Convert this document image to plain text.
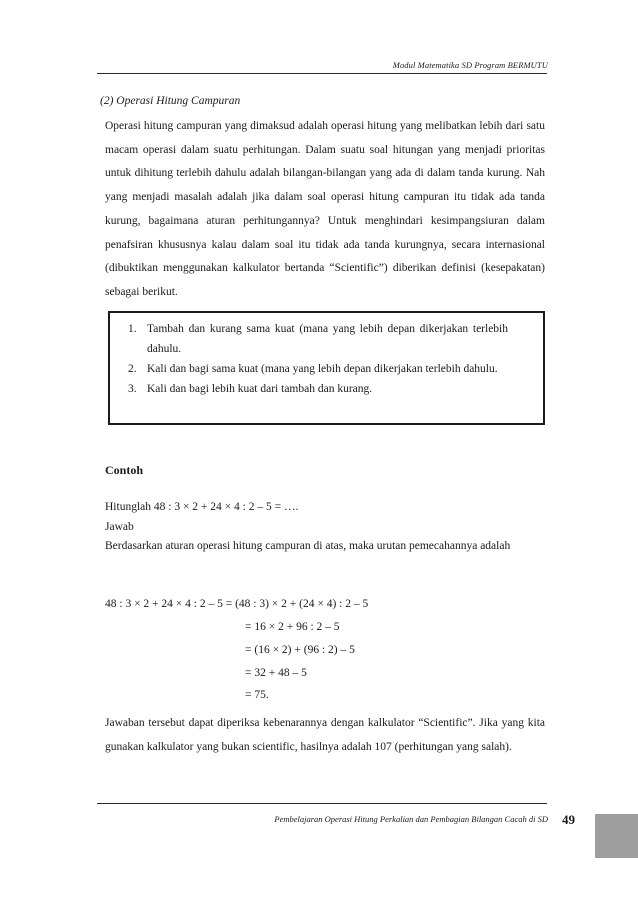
Modul Matematika SD Program BERMUTU
(2) Operasi Hitung Campuran

Operasi hitung campuran yang dimaksud adalah operasi hitung yang melibatkan lebih dari satu macam operasi dalam suatu perhitungan. Dalam suatu soal hitungan yang menjadi prioritas untuk dihitung terlebih dahulu adalah bilangan-bilangan yang ada di dalam tanda kurung. Nah yang menjadi masalah adalah jika dalam soal operasi hitung campuran itu tidak ada tanda kurung, bagaimana aturan perhitungannya? Untuk menghindari kesimpangsiuran dalam penafsiran khususnya kalau dalam soal itu tidak ada tanda kurungnya, secara internasional (dibuktikan menggunakan kalkulator bertanda “Scientific”) diberikan definisi (kesepakatan) sebagai berikut.

1. Tambah dan kurang sama kuat (mana yang lebih depan dikerjakan terlebih dahulu.
2. Kali dan bagi sama kuat (mana yang lebih depan dikerjakan terlebih dahulu.
3. Kali dan bagi lebih kuat dari tambah dan kurang.
Contoh
Hitunglah 48 : 3 × 2 + 24 × 4 : 2 – 5 = ….
Jawab

Berdasarkan aturan operasi hitung campuran di atas, maka urutan pemecahannya adalah

48 : 3 × 2 + 24 × 4 : 2 – 5 = (48 : 3) × 2 + (24 × 4) : 2 – 5
= 16 × 2 + 96 : 2 – 5
= (16 × 2) + (96 : 2) – 5
= 32 + 48 – 5
= 75.

Jawaban tersebut dapat diperiksa kebenarannya dengan kalkulator “Scientific”. Jika yang kita gunakan kalkulator yang bukan scientific, hasilnya adalah 107 (perhitungan yang salah).

Pembelajaran Operasi Hitung Perkalian dan Pembagian Bilangan Cacah di SD 49
